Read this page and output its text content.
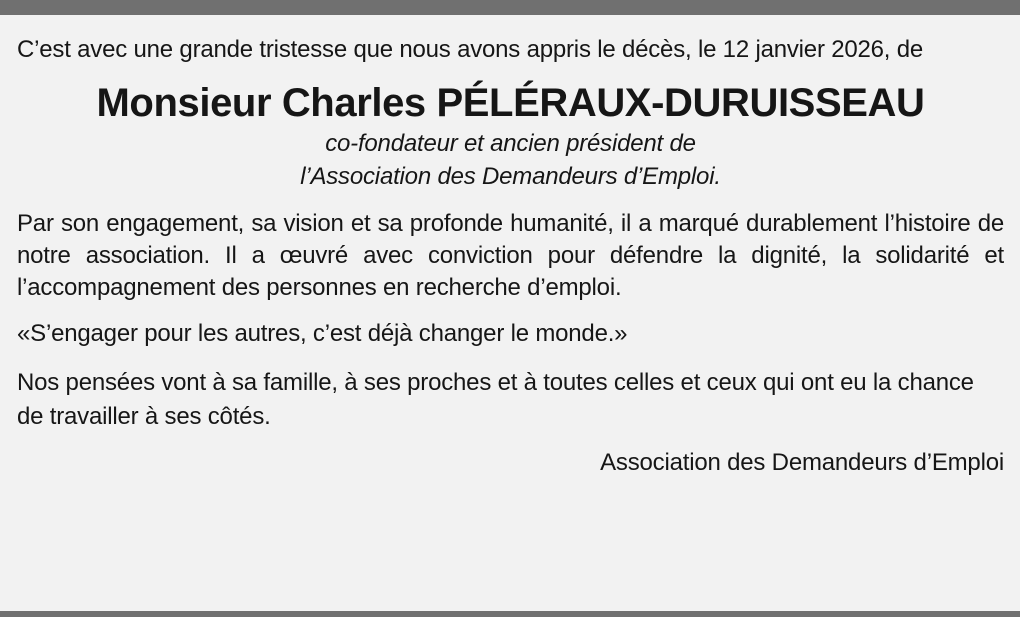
C’est avec une grande tristesse que nous avons appris le décès, le 12 janvier 2026, de

Monsieur Charles PÉLÉRAUX-DURUISSEAU

co-fondateur et ancien président de
l’Association des Demandeurs d’Emploi.

Par son engagement, sa vision et sa profonde humanité, il a marqué durablement l’histoire de notre association. Il a œuvré avec conviction pour défendre la dignité, la solidarité et l’accompagnement des personnes en recherche d’emploi.

«S’engager pour les autres, c’est déjà changer le monde.»

Nos pensées vont à sa famille, à ses proches et à toutes celles et ceux qui ont eu la chance de travailler à ses côtés.

Association des Demandeurs d’Emploi
